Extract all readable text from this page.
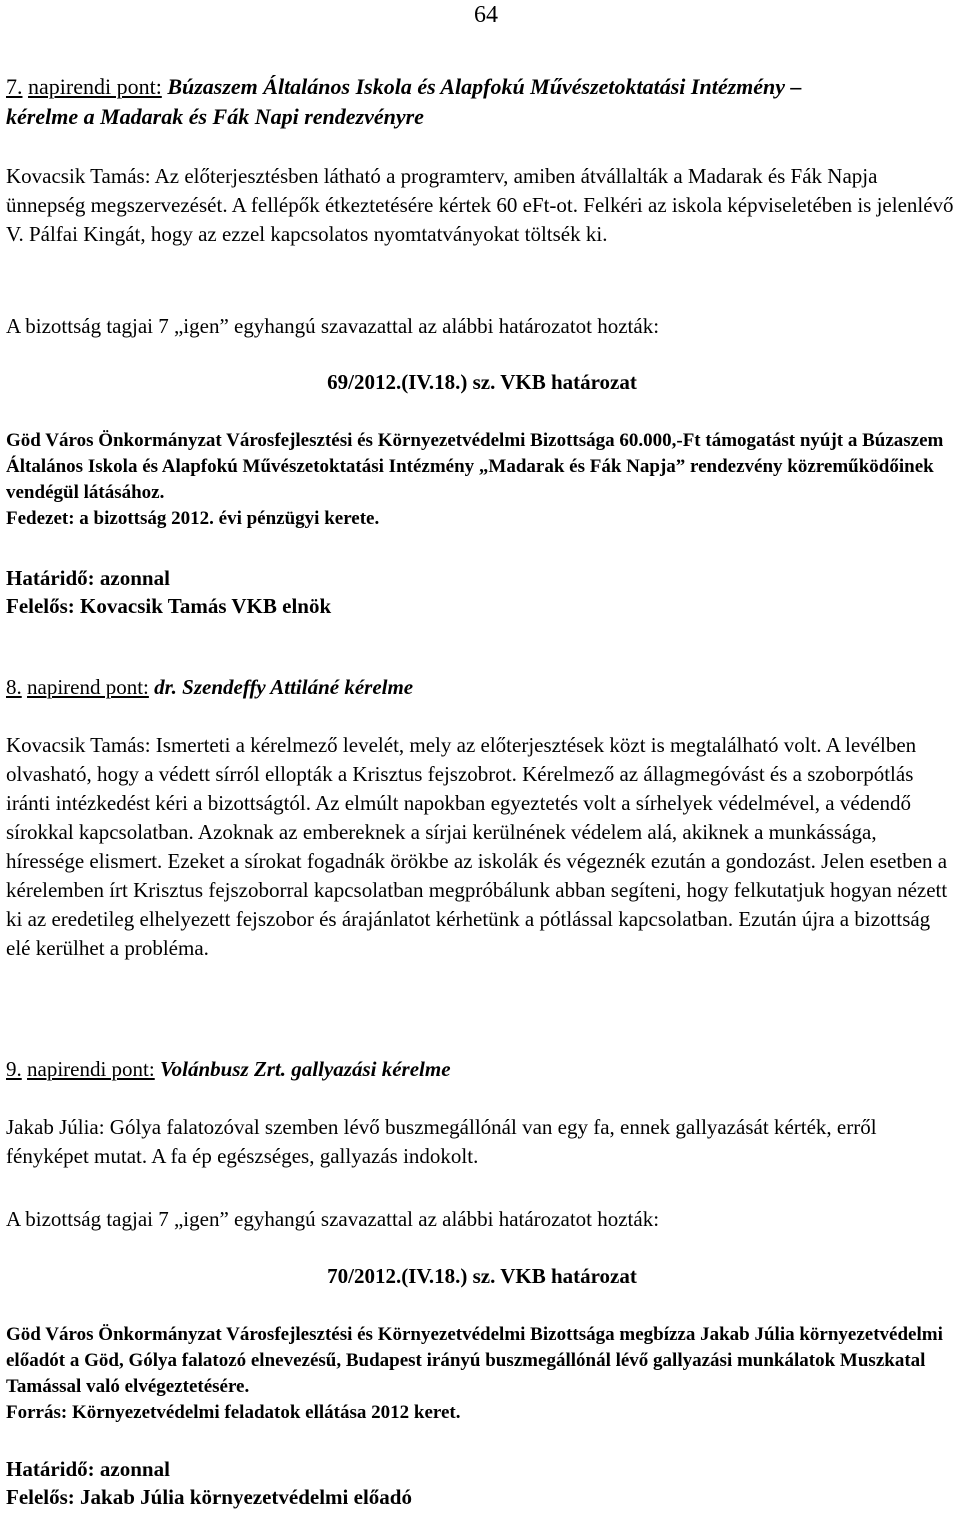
64
7. napirendi pont: Búzaszem Általános Iskola és Alapfokú Művészetoktatási Intézmény –
kérelme a Madarak és Fák Napi rendezvényre

Kovacsik Tamás: Az előterjesztésben látható a programterv, amiben átvállalták a Madarak és Fák Napja ünnepség megszervezését. A fellépők étkeztetésére kértek 60 eFt-ot. Felkéri az iskola képviseletében is jelenlévő V. Pálfai Kingát, hogy az ezzel kapcsolatos nyomtatványokat töltsék ki.

A bizottság tagjai 7 „igen” egyhangú szavazattal az alábbi határozatot hozták:

69/2012.(IV.18.) sz. VKB határozat

Göd Város Önkormányzat Városfejlesztési és Környezetvédelmi Bizottsága 60.000,-Ft támogatást nyújt a Búzaszem Általános Iskola és Alapfokú Művészetoktatási Intézmény „Madarak és Fák Napja” rendezvény közreműködőinek vendégül látásához.

Fedezet: a bizottság 2012. évi pénzügyi kerete.

Határidő: azonnal

Felelős: Kovacsik Tamás VKB elnök

8. napirend pont: dr. Szendeffy Attiláné kérelme

Kovacsik Tamás: Ismerteti a kérelmező levelét, mely az előterjesztések közt is megtalálható volt. A levélben olvasható, hogy a védett sírról ellopták a Krisztus fejszobrot. Kérelmező az állagmegóvást és a szoborpótlás iránti intézkedést kéri a bizottságtól. Az elmúlt napokban egyeztetés volt a sírhelyek védelmével, a védendő sírokkal kapcsolatban. Azoknak az embereknek a sírjai kerülnének védelem alá, akiknek a munkássága, híressége elismert. Ezeket a sírokat fogadnák örökbe az iskolák és végeznék ezután a gondozást. Jelen esetben a kérelemben írt Krisztus fejszoborral kapcsolatban megpróbálunk abban segíteni, hogy felkutatjuk hogyan nézett ki az eredetileg elhelyezett fejszobor és árajánlatot kérhetünk a pótlással kapcsolatban. Ezután újra a bizottság elé kerülhet a probléma.

9. napirendi pont: Volánbusz Zrt. gallyazási kérelme

Jakab Júlia: Gólya falatozóval szemben lévő buszmegállónál van egy fa, ennek gallyazását kérték, erről fényképet mutat. A fa ép egészséges, gallyazás indokolt.

A bizottság tagjai 7 „igen” egyhangú szavazattal az alábbi határozatot hozták:

70/2012.(IV.18.) sz. VKB határozat

Göd Város Önkormányzat Városfejlesztési és Környezetvédelmi Bizottsága megbízza Jakab Júlia környezetvédelmi előadót a Göd, Gólya falatozó elnevezésű, Budapest irányú buszmegállónál lévő gallyazási munkálatok Muszkatal Tamással való elvégeztetésére.

Forrás: Környezetvédelmi feladatok ellátása 2012 keret.

Határidő: azonnal

Felelős: Jakab Júlia környezetvédelmi előadó
